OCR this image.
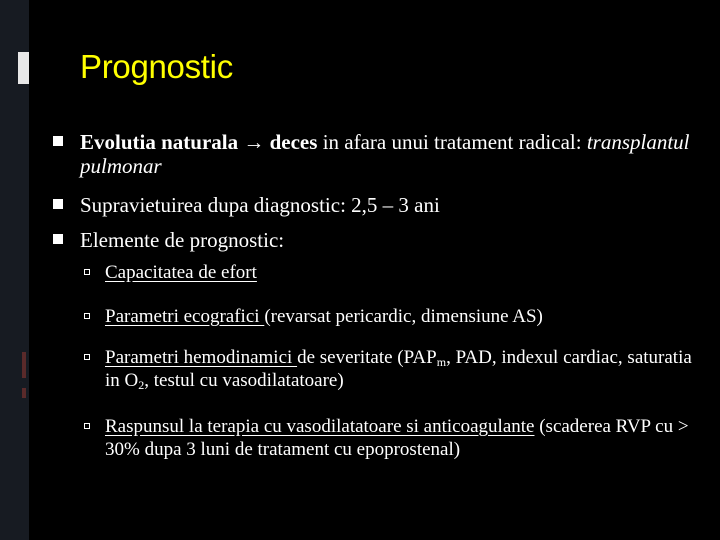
Prognostic
Evolutia naturala → deces in afara unui tratament radical: transplantul pulmonar
Supravietuirea dupa diagnostic: 2,5 – 3 ani
Elemente de prognostic:
Capacitatea de efort
Parametri ecografici (revarsat pericardic, dimensiune AS)
Parametri hemodinamici de severitate ($PAP_m$, PAD, indexul cardiac, saturatia in $O_2$, testul cu vasodilatatoare)
Raspunsul la terapia cu vasodilatatoare si anticoagulante (scaderea RVP cu > 30% dupa 3 luni de tratament cu epoprostenal)
